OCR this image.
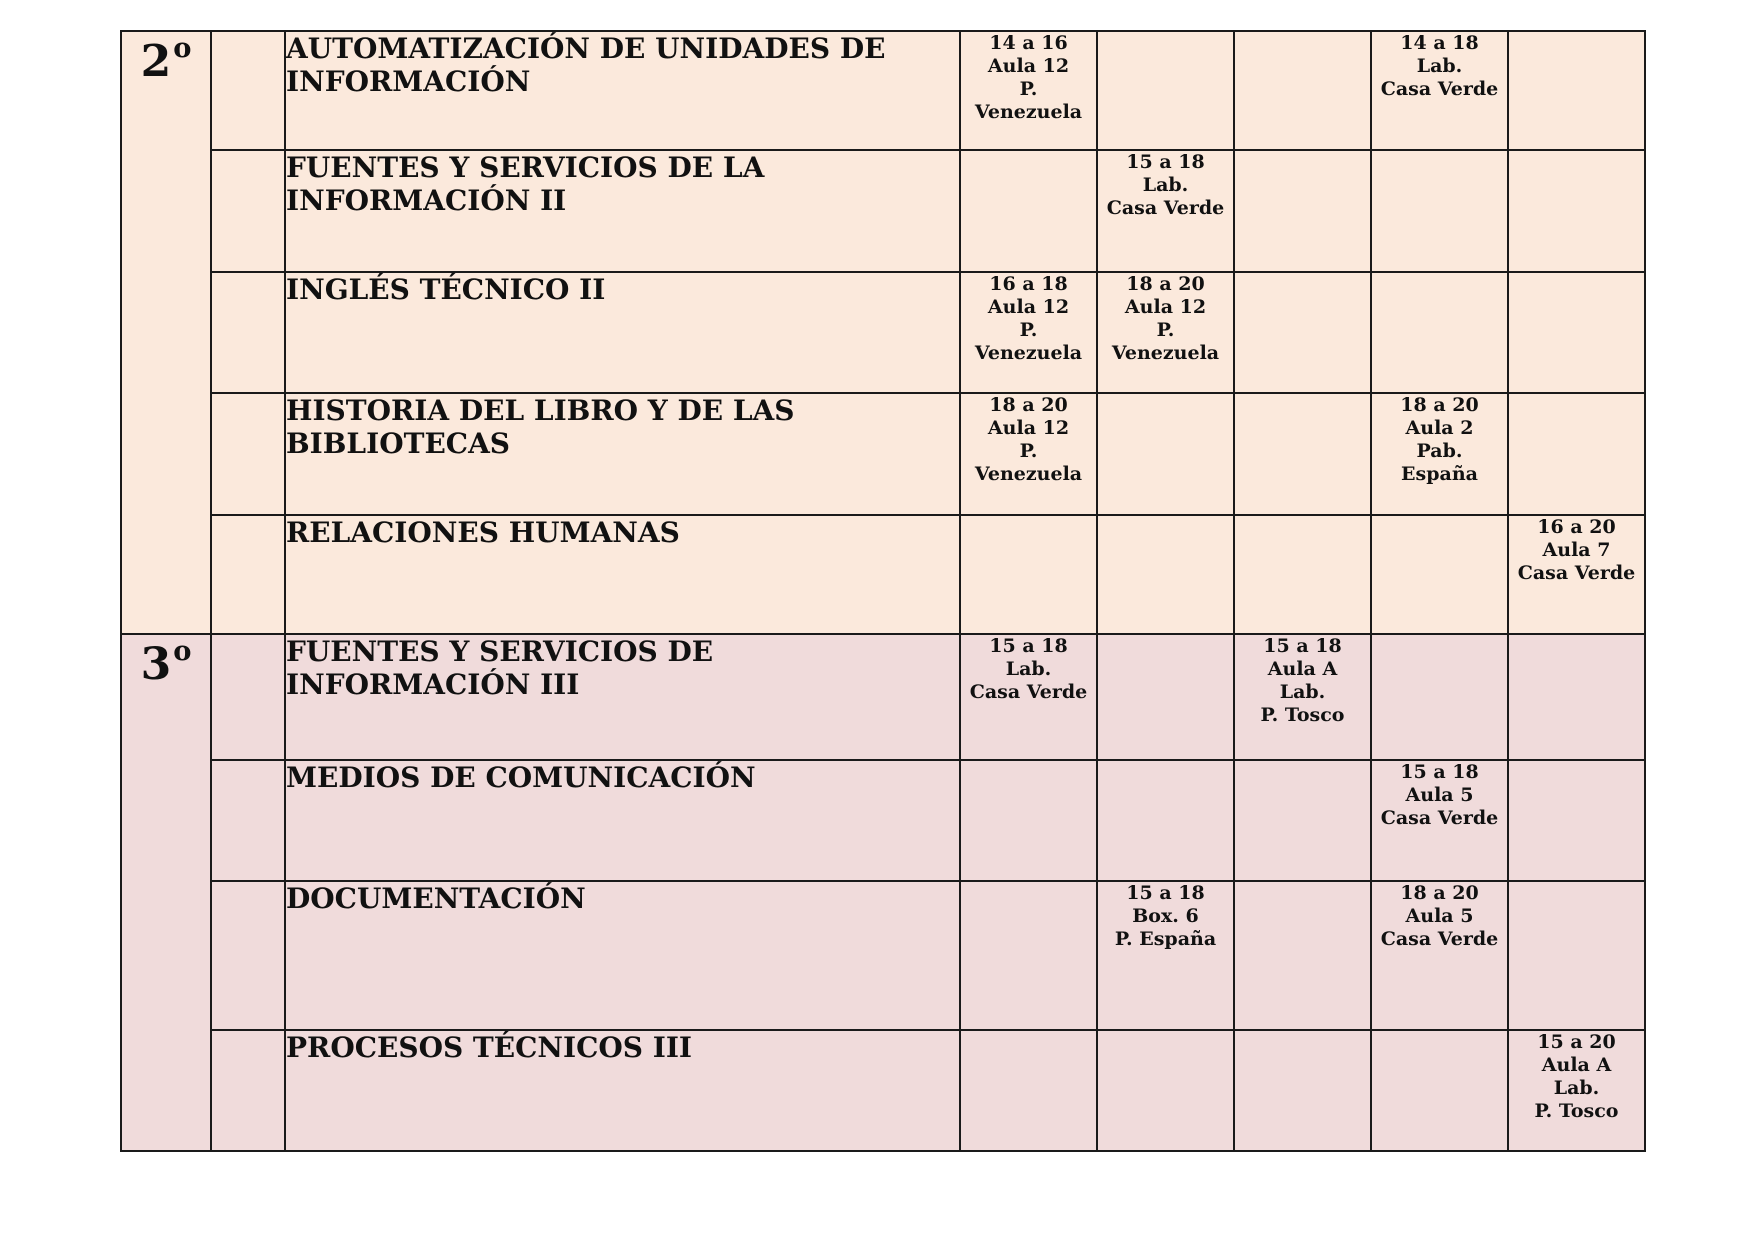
2$^o$		AUTOMATIZACIÓN DE UNIDADES DE INFORMACIÓN	14 a 16
Aula 12
P.
Venezuela			14 a 18
Lab.
Casa Verde	

		FUENTES Y SERVICIOS DE LA INFORMACIÓN II		15 a 18
Lab.
Casa Verde			

		INGLÉS TÉCNICO II	16 a 18
Aula 12
P.
Venezuela	18 a 20
Aula 12
P.
Venezuela			

		HISTORIA DEL LIBRO Y DE LAS BIBLIOTECAS	18 a 20
Aula 12
P.
Venezuela			18 a 20
Aula 2
Pab.
España	

		RELACIONES HUMANAS					16 a 20
Aula 7
Casa Verde

3$^o$		FUENTES Y SERVICIOS DE INFORMACIÓN III	15 a 18
Lab.
Casa Verde		15 a 18
Aula A
Lab.
P. Tosco		

		MEDIOS DE COMUNICACIÓN				15 a 18
Aula 5
Casa Verde	

		DOCUMENTACIÓN		15 a 18
Box. 6
P. España		18 a 20
Aula 5
Casa Verde	

		PROCESOS TÉCNICOS III					15 a 20
Aula A
Lab.
P. Tosco
